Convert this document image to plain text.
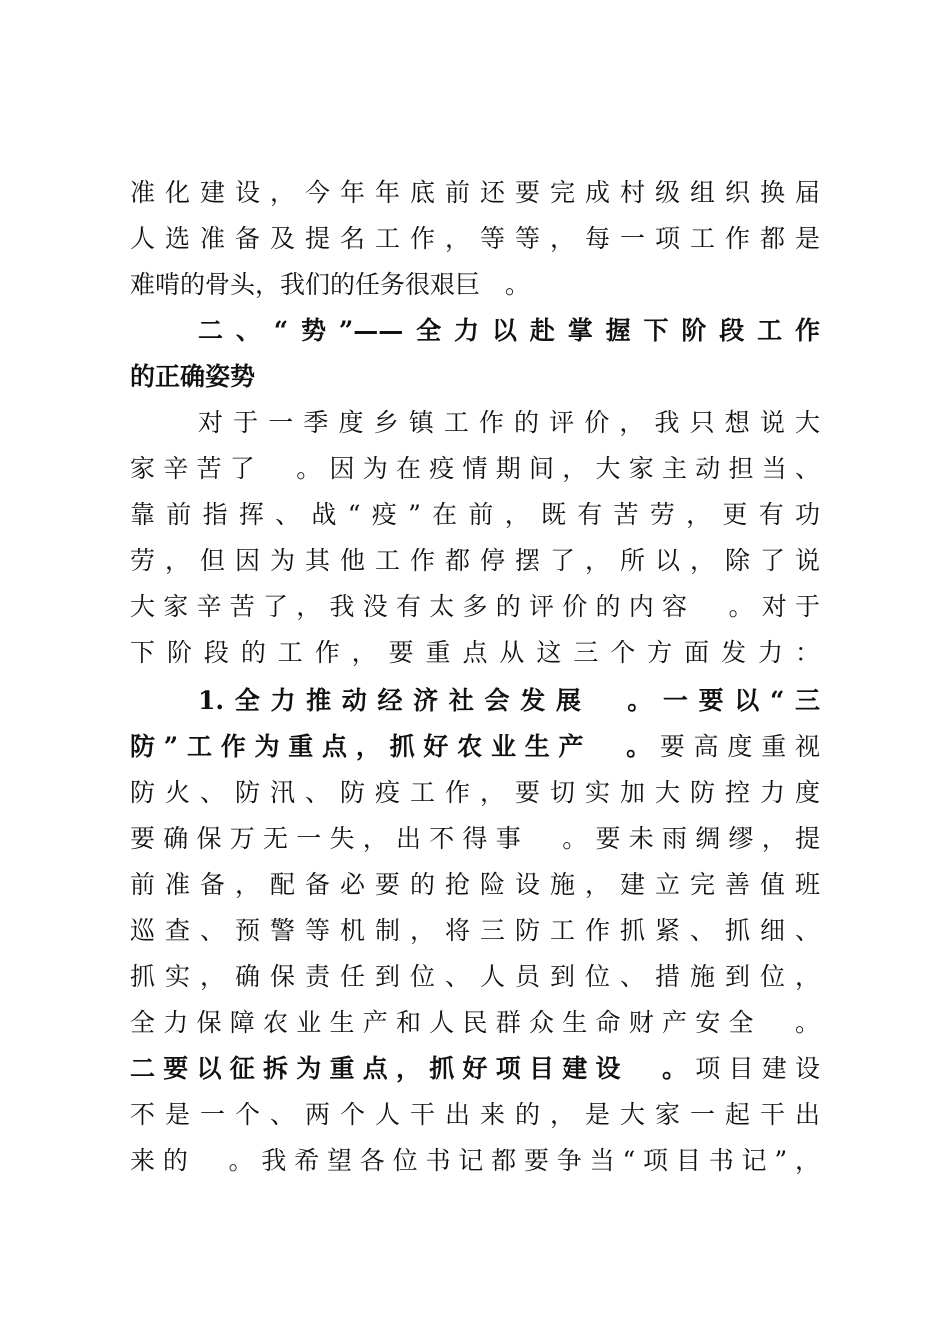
准化建设，今年年底前还要完成村级组织换届
人选准备及提名工作，等等，每一项工作都是
难啃的骨头，我们的任务很艰巨　。
二、“势”——全力以赴掌握下阶段工作
的正确姿势
对于一季度乡镇工作的评价，我只想说大
家辛苦了　。因为在疫情期间，大家主动担当、
靠前指挥、战“疫”在前，既有苦劳，更有功
劳，但因为其他工作都停摆了，所以，除了说
大家辛苦了，我没有太多的评价的内容　。对于
下阶段的工作，要重点从这三个方面发力：
1.全力推动经济社会发展　。一要以“三
防”工作为重点，抓好农业生产　。要高度重视
防火、防汛、防疫工作，要切实加大防控力度
要确保万无一失，出不得事　。要未雨绸缪，提
前准备，配备必要的抢险设施，建立完善值班
巡查、预警等机制，将三防工作抓紧、抓细、
抓实，确保责任到位、人员到位、措施到位，
全力保障农业生产和人民群众生命财产安全　。
二要以征拆为重点，抓好项目建设　。项目建设
不是一个、两个人干出来的，是大家一起干出
来的　。我希望各位书记都要争当“项目书记”，
